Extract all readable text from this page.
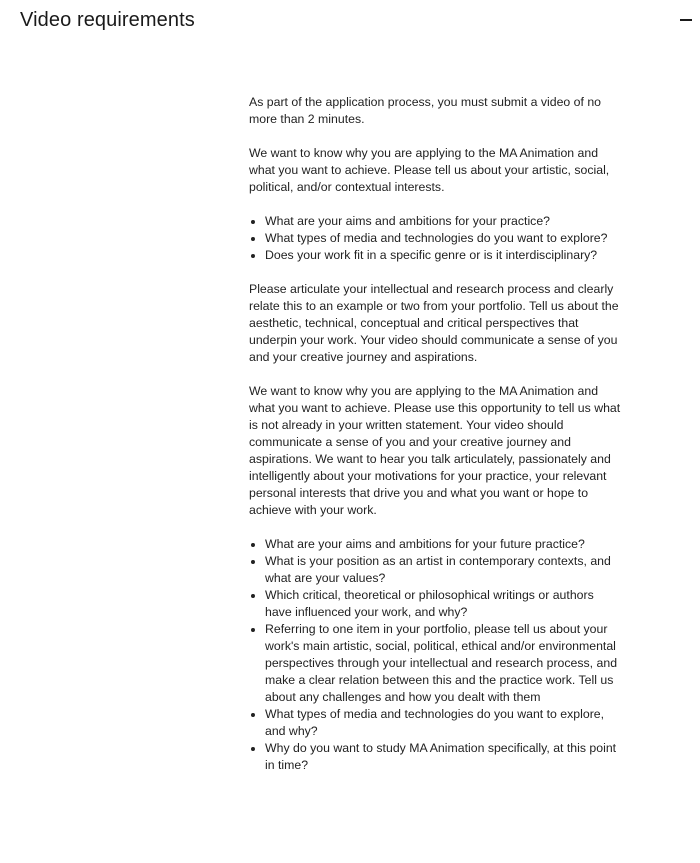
Video requirements

As part of the application process, you must submit a video of no more than 2 minutes.

We want to know why you are applying to the MA Animation and what you want to achieve. Please tell us about your artistic, social, political, and/or contextual interests.

• What are your aims and ambitions for your practice?
• What types of media and technologies do you want to explore?
• Does your work fit in a specific genre or is it interdisciplinary?

Please articulate your intellectual and research process and clearly relate this to an example or two from your portfolio. Tell us about the aesthetic, technical, conceptual and critical perspectives that underpin your work. Your video should communicate a sense of you and your creative journey and aspirations.

We want to know why you are applying to the MA Animation and what you want to achieve. Please use this opportunity to tell us what is not already in your written statement. Your video should communicate a sense of you and your creative journey and aspirations. We want to hear you talk articulately, passionately and intelligently about your motivations for your practice, your relevant personal interests that drive you and what you want or hope to achieve with your work.

• What are your aims and ambitions for your future practice?
• What is your position as an artist in contemporary contexts, and what are your values?
• Which critical, theoretical or philosophical writings or authors have influenced your work, and why?
• Referring to one item in your portfolio, please tell us about your work's main artistic, social, political, ethical and/or environmental perspectives through your intellectual and research process, and make a clear relation between this and the practice work. Tell us about any challenges and how you dealt with them
• What types of media and technologies do you want to explore, and why?
• Why do you want to study MA Animation specifically, at this point in time?
